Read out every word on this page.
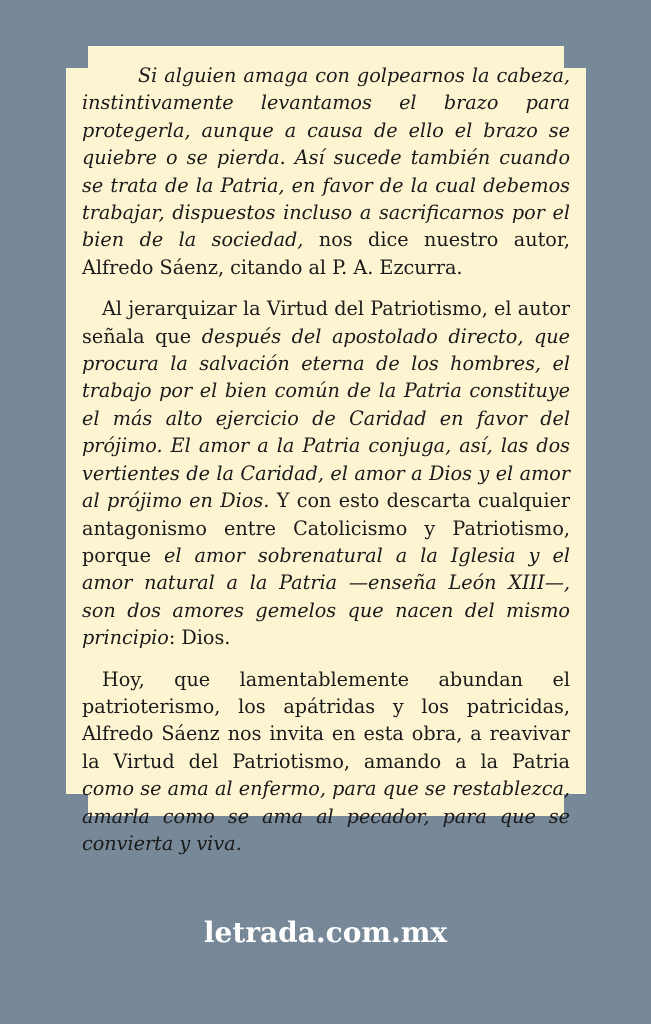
Si alguien amaga con golpearnos la cabeza, instintivamente levantamos el brazo para protegerla, aunque a causa de ello el brazo se quiebre o se pierda. Así sucede también cuando se trata de la Patria, en favor de la cual debemos trabajar, dispuestos incluso a sacrificarnos por el bien de la sociedad, nos dice nuestro autor, Alfredo Sáenz, citando al P. A. Ezcurra.

Al jerarquizar la Virtud del Patriotismo, el autor señala que después del apostolado directo, que procura la salvación eterna de los hombres, el trabajo por el bien común de la Patria constituye el más alto ejercicio de Caridad en favor del prójimo. El amor a la Patria conjuga, así, las dos vertientes de la Caridad, el amor a Dios y el amor al prójimo en Dios. Y con esto descarta cualquier antagonismo entre Catolicismo y Patriotismo, porque el amor sobrenatural a la Iglesia y el amor natural a la Patria —enseña León XIII—, son dos amores gemelos que nacen del mismo principio: Dios.

Hoy, que lamentablemente abundan el patrioterismo, los apátridas y los patricidas, Alfredo Sáenz nos invita en esta obra, a reavivar la Virtud del Patriotismo, amando a la Patria como se ama al enfermo, para que se restablezca, amarla como se ama al pecador, para que se convierta y viva.

letrada.com.mx
